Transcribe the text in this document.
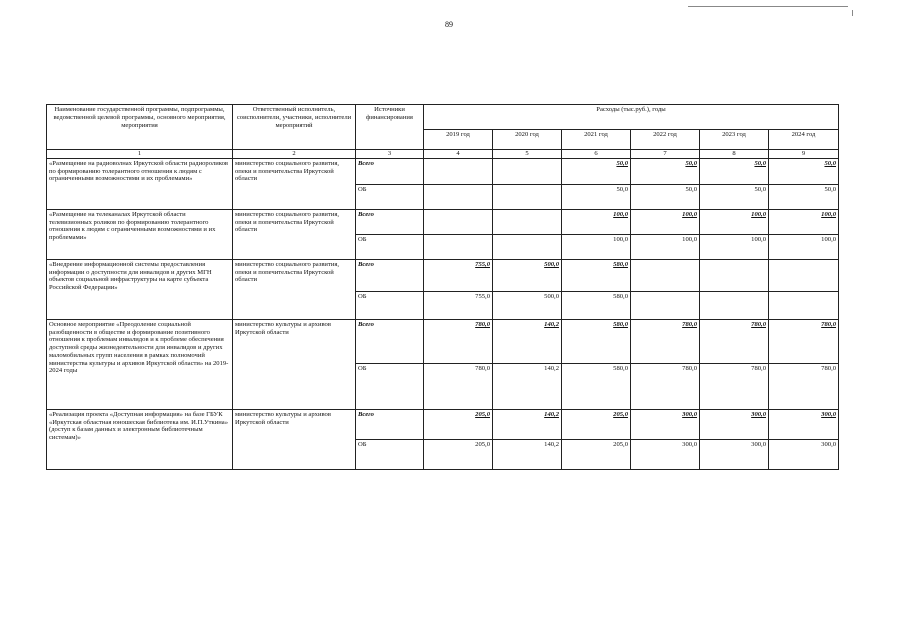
89
Наименование государственной программы, подпрограммы, ведомственной целевой программы, основного мероприятия, мероприятия	Ответственный исполнитель, соисполнители, участники, исполнители мероприятий	Источники финансирования	Расходы (тыс.руб.), годы					
			2019 год	2020 год	2021 год	2022 год	2023 год	2024 год
1	2	3	4	5	6	7	8	9
«Размещение на радиоволнах Иркутской области радиороликов по формированию толерантного отношения к людям с ограниченными возможностями и их проблемами»	министерство социального развития, опеки и попечительства Иркутской области	Всего			50,0	50,0	50,0	50,0
		ОБ			50,0	50,0	50,0	50,0
«Размещение на телеканалах Иркутской области телевизионных роликов по формированию толерантного отношения к людям с ограниченными возможностями и их проблемами»	министерство социального развития, опеки и попечительства Иркутской области	Всего			100,0	100,0	100,0	100,0
		ОБ			100,0	100,0	100,0	100,0
«Внедрение информационной системы предоставления информации о доступности для инвалидов и других МГН объектов социальной инфраструктуры на карте субъекта Российской Федерации»	министерство социального развития, опеки и попечительства Иркутской области	Всего	755,0	500,0	580,0			
		ОБ	755,0	500,0	580,0			
Основное мероприятие «Преодоление социальной разобщенности в обществе и формирование позитивного отношения к проблемам инвалидов и к проблеме обеспечения доступной среды жизнедеятельности для инвалидов и других маломобильных групп населения в рамках полномочий министерства культуры и архивов Иркутской области» на 2019-2024 годы	министерство культуры и архивов Иркутской области	Всего	780,0	140,2	580,0	780,0	780,0	780,0
		ОБ	780,0	140,2	580,0	780,0	780,0	780,0
«Реализация проекта «Доступная информация» на базе ГБУК «Иркутская областная юношеская библиотека им. И.П.Уткина» (доступ к базам данных и электронным библиотечным системам)»	министерство культуры и архивов Иркутской области	Всего	205,0	140,2	205,0	300,0	300,0	300,0
		ОБ	205,0	140,2	205,0	300,0	300,0	300,0
